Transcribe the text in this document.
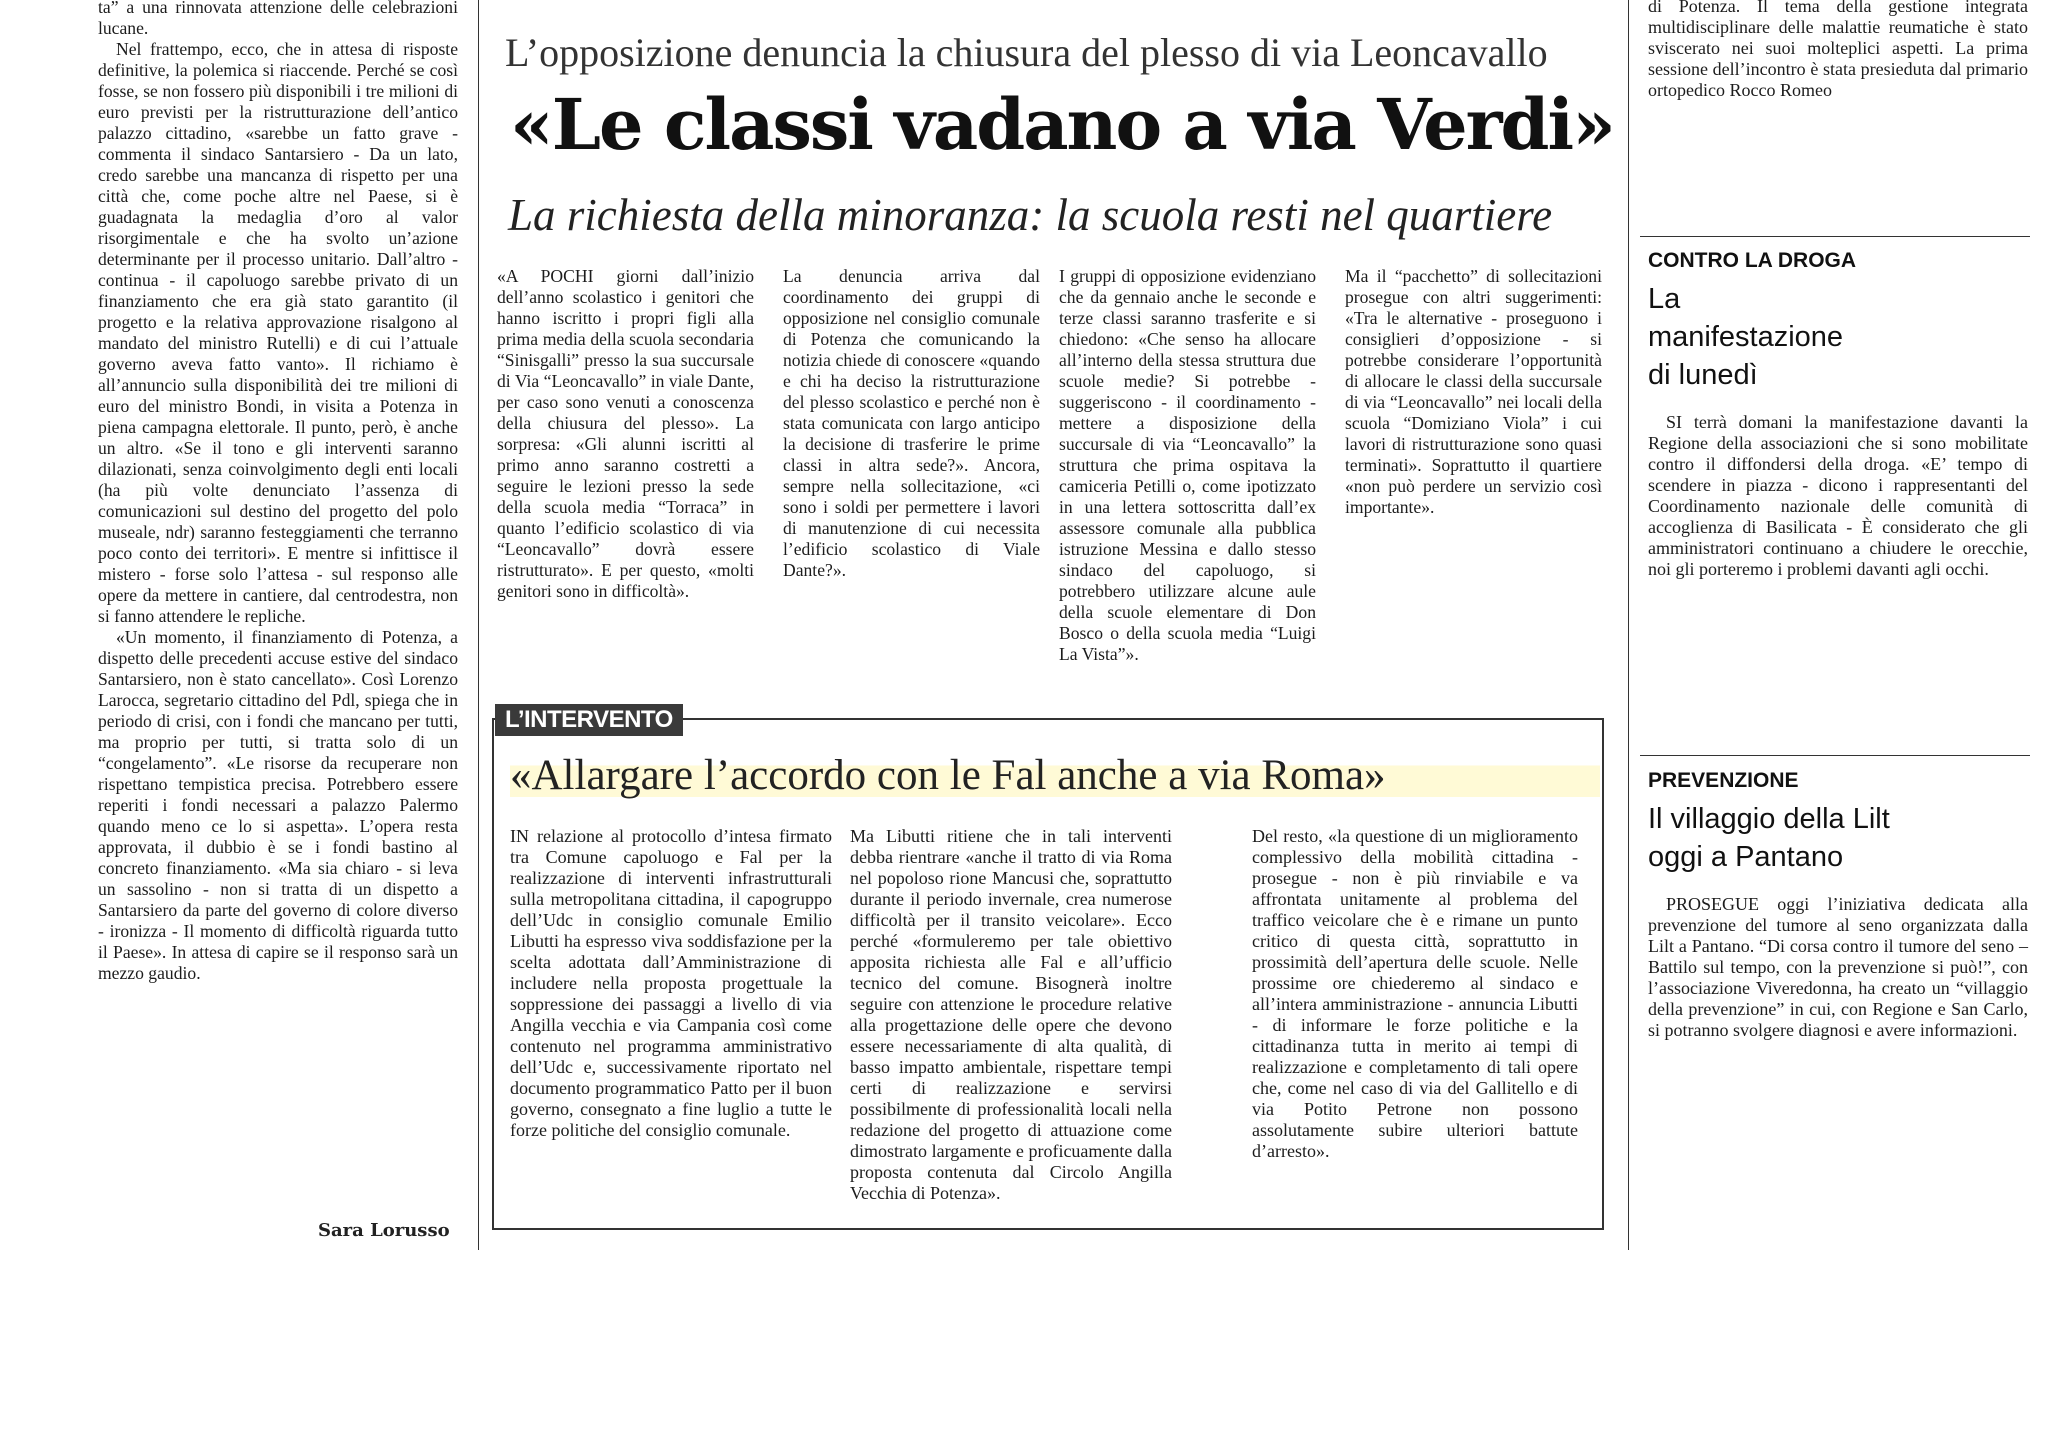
ta” a una rinnovata attenzione delle celebrazioni lucane.

Nel frattempo, ecco, che in attesa di risposte definitive, la polemica si riaccende. Perché se così fosse, se non fossero più disponibili i tre milioni di euro previsti per la ristrutturazione dell’antico palazzo cittadino, «sarebbe un fatto grave - commenta il sindaco Santarsiero - Da un lato, credo sarebbe una mancanza di rispetto per una città che, come poche altre nel Paese, si è guadagnata la medaglia d’oro al valor risorgimentale e che ha svolto un’azione determinante per il processo unitario. Dall’altro - continua - il capoluogo sarebbe privato di un finanziamento che era già stato garantito (il progetto e la relativa approvazione risalgono al mandato del ministro Rutelli) e di cui l’attuale governo aveva fatto vanto». Il richiamo è all’annuncio sulla disponibilità dei tre milioni di euro del ministro Bondi, in visita a Potenza in piena campagna elettorale. Il punto, però, è anche un altro. «Se il tono e gli interventi saranno dilazionati, senza coinvolgimento degli enti locali (ha più volte denunciato l’assenza di comunicazioni sul destino del progetto del polo museale, ndr) saranno festeggiamenti che terranno poco conto dei territori». E mentre si infittisce il mistero - forse solo l’attesa - sul responso alle opere da mettere in cantiere, dal centrodestra, non si fanno attendere le repliche.

«Un momento, il finanziamento di Potenza, a dispetto delle precedenti accuse estive del sindaco Santarsiero, non è stato cancellato». Così Lorenzo Larocca, segretario cittadino del Pdl, spiega che in periodo di crisi, con i fondi che mancano per tutti, ma proprio per tutti, si tratta solo di un “congelamento”. «Le risorse da recuperare non rispettano tempistica precisa. Potrebbero essere reperiti i fondi necessari a palazzo Palermo quando meno ce lo si aspetta». L’opera resta approvata, il dubbio è se i fondi bastino al concreto finanziamento. «Ma sia chiaro - si leva un sassolino - non si tratta di un dispetto a Santarsiero da parte del governo di colore diverso - ironizza - Il momento di difficoltà riguarda tutto il Paese». In attesa di capire se il responso sarà un mezzo gaudio.

Sara Lorusso
L’opposizione denuncia la chiusura del plesso di via Leoncavallo
«Le classi vadano a via Verdi»
La richiesta della minoranza: la scuola resti nel quartiere

«A POCHI giorni dall’inizio dell’anno scolastico i genitori che hanno iscritto i propri figli alla prima media della scuola secondaria “Sinisgalli” presso la sua succursale di Via “Leoncavallo” in viale Dante, per caso sono venuti a conoscenza della chiusura del plesso». La sorpresa: «Gli alunni iscritti al primo anno saranno costretti a seguire le lezioni presso la sede della scuola media “Torraca” in quanto l’edificio scolastico di via “Leoncavallo” dovrà essere ristrutturato». E per questo, «molti genitori sono in difficoltà».

La denuncia arriva dal coordinamento dei gruppi di opposizione nel consiglio comunale di Potenza che comunicando la notizia chiede di conoscere «quando e chi ha deciso la ristrutturazione del plesso scolastico e perché non è stata comunicata con largo anticipo la decisione di trasferire le prime classi in altra sede?». Ancora, sempre nella sollecitazione, «ci sono i soldi per permettere i lavori di manutenzione di cui necessita l’edificio scolastico di Viale Dante?».

I gruppi di opposizione evidenziano che da gennaio anche le seconde e terze classi saranno trasferite e si chiedono: «Che senso ha allocare all’interno della stessa struttura due scuole medie? Si potrebbe - suggeriscono - il coordinamento - mettere a disposizione della succursale di via “Leoncavallo” la struttura che prima ospitava la camiceria Petilli o, come ipotizzato in una lettera sottoscritta dall’ex assessore comunale alla pubblica istruzione Messina e dallo stesso sindaco del capoluogo, si potrebbero utilizzare alcune aule della scuole elementare di Don Bosco o della scuola media “Luigi La Vista”».

Ma il “pacchetto” di sollecitazioni prosegue con altri suggerimenti: «Tra le alternative - proseguono i consiglieri d’opposizione - si potrebbe considerare l’opportunità di allocare le classi della succursale di via “Leoncavallo” nei locali della scuola “Domiziano Viola” i cui lavori di ristrutturazione sono quasi terminati». Soprattutto il quartiere «non può perdere un servizio così importante».

L’INTERVENTO
«Allargare l’accordo con le Fal anche a via Roma»

IN relazione al protocollo d’intesa firmato tra Comune capoluogo e Fal per la realizzazione di interventi infrastrutturali sulla metropolitana cittadina, il capogruppo dell’Udc in consiglio comunale Emilio Libutti ha espresso viva soddisfazione per la scelta adottata dall’Amministrazione di includere nella proposta progettuale la soppressione dei passaggi a livello di via Angilla vecchia e via Campania così come contenuto nel programma amministrativo dell’Udc e, successivamente riportato nel documento programmatico Patto per il buon governo, consegnato a fine luglio a tutte le forze politiche del consiglio comunale.

Ma Libutti ritiene che in tali interventi debba rientrare «anche il tratto di via Roma nel popoloso rione Mancusi che, soprattutto durante il periodo invernale, crea numerose difficoltà per il transito veicolare». Ecco perché «formuleremo per tale obiettivo apposita richiesta alle Fal e all’ufficio tecnico del comune. Bisognerà inoltre seguire con attenzione le procedure relative alla progettazione delle opere che devono essere necessariamente di alta qualità, di basso impatto ambientale, rispettare tempi certi di realizzazione e servirsi possibilmente di professionalità locali nella redazione del progetto di attuazione come dimostrato largamente e proficuamente dalla proposta contenuta dal Circolo Angilla Vecchia di Potenza».

Del resto, «la questione di un miglioramento complessivo della mobilità cittadina - prosegue - non è più rinviabile e va affrontata unitamente al problema del traffico veicolare che è e rimane un punto critico di questa città, soprattutto in prossimità dell’apertura delle scuole. Nelle prossime ore chiederemo al sindaco e all’intera amministrazione - annuncia Libutti - di informare le forze politiche e la cittadinanza tutta in merito ai tempi di realizzazione e completamento di tali opere che, come nel caso di via del Gallitello e di via Potito Petrone non possono assolutamente subire ulteriori battute d’arresto».

di Potenza. Il tema della gestione integrata multidisciplinare delle malattie reumatiche è stato sviscerato nei suoi molteplici aspetti. La prima sessione dell’incontro è stata presieduta dal primario ortopedico Rocco Romeo
CONTRO LA DROGA
La manifestazione di lunedì
SI terrà domani la manifestazione davanti la Regione della associazioni che si sono mobilitate contro il diffondersi della droga. «E’ tempo di scendere in piazza - dicono i rappresentanti del Coordinamento nazionale delle comunità di accoglienza di Basilicata - È considerato che gli amministratori continuano a chiudere le orecchie, noi gli porteremo i problemi davanti agli occhi.
PREVENZIONE
Il villaggio della Lilt oggi a Pantano
PROSEGUE oggi l’iniziativa dedicata alla prevenzione del tumore al seno organizzata dalla Lilt a Pantano. “Di corsa contro il tumore del seno – Battilo sul tempo, con la prevenzione si può!”, con l’associazione Viveredonna, ha creato un “villaggio della prevenzione” in cui, con Regione e San Carlo, si potranno svolgere diagnosi e avere informazioni.
